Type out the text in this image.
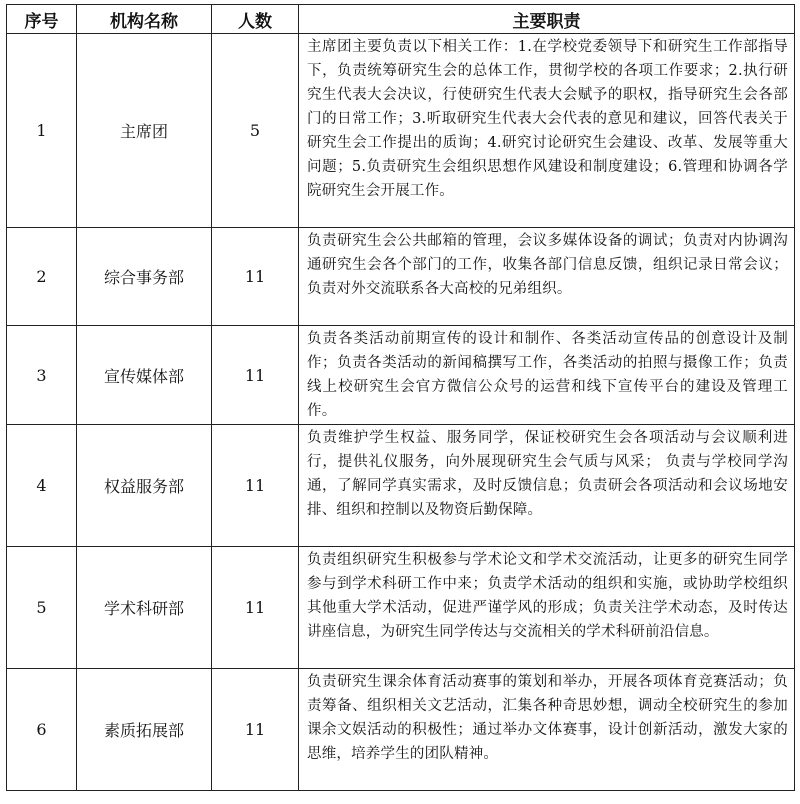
序号	机构名称	人数	主要职责
1	主席团	5	主席团主要负责以下相关工作：1.在学校党委领导下和研究生工作部指导下，负责统筹研究生会的总体工作，贯彻学校的各项工作要求；2.执行研究生代表大会决议，行使研究生代表大会赋予的职权，指导研究生会各部门的日常工作；3.听取研究生代表大会代表的意见和建议，回答代表关于研究生会工作提出的质询；4.研究讨论研究生会建设、改革、发展等重大问题；5.负责研究生会组织思想作风建设和制度建设；6.管理和协调各学院研究生会开展工作。
2	综合事务部	11	负责研究生会公共邮箱的管理，会议多媒体设备的调试；负责对内协调沟通研究生会各个部门的工作，收集各部门信息反馈，组织记录日常会议；负责对外交流联系各大高校的兄弟组织。
3	宣传媒体部	11	负责各类活动前期宣传的设计和制作、各类活动宣传品的创意设计及制作；负责各类活动的新闻稿撰写工作，各类活动的拍照与摄像工作；负责线上校研究生会官方微信公众号的运营和线下宣传平台的建设及管理工作。
4	权益服务部	11	负责维护学生权益、服务同学，保证校研究生会各项活动与会议顺利进行，提供礼仪服务，向外展现研究生会气质与风采； 负责与学校同学沟通，了解同学真实需求，及时反馈信息；负责研会各项活动和会议场地安排、组织和控制以及物资后勤保障。
5	学术科研部	11	负责组织研究生积极参与学术论文和学术交流活动，让更多的研究生同学参与到学术科研工作中来；负责学术活动的组织和实施，或协助学校组织其他重大学术活动，促进严谨学风的形成；负责关注学术动态，及时传达讲座信息，为研究生同学传达与交流相关的学术科研前沿信息。
6	素质拓展部	11	负责研究生课余体育活动赛事的策划和举办，开展各项体育竞赛活动；负责筹备、组织相关文艺活动，汇集各种奇思妙想，调动全校研究生的参加课余文娱活动的积极性；通过举办文体赛事，设计创新活动，激发大家的思维，培养学生的团队精神。
